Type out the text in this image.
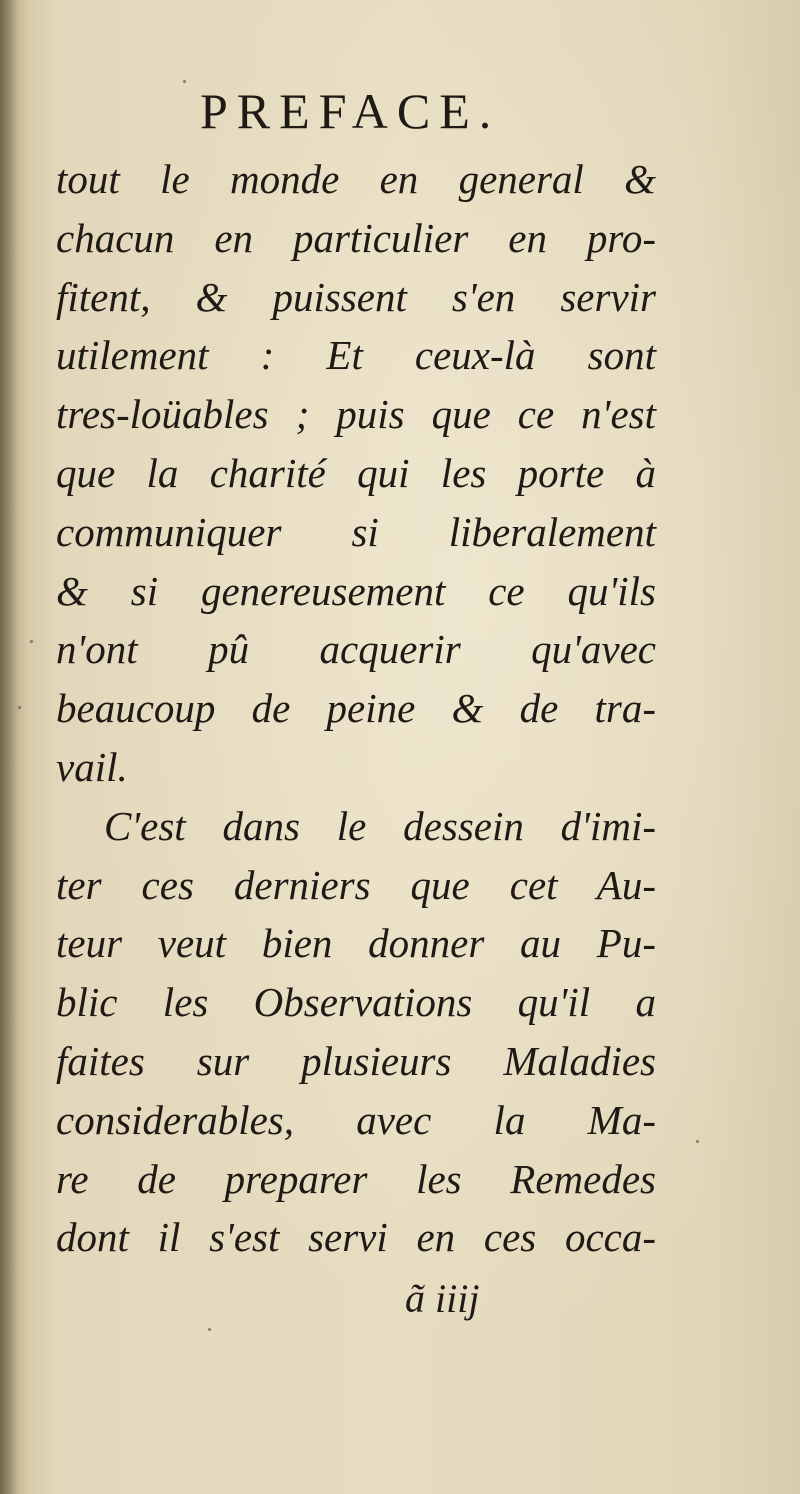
PREFACE.
tout le monde en general &
chacun en particulier en pro-
fitent, & puissent s'en servir
utilement : Et ceux-là sont
tres-loüables ; puis que ce n'est
que la charité qui les porte à
communiquer si liberalement
& si genereusement ce qu'ils
n'ont pû acquerir qu'avec
beaucoup de peine & de tra-
vail.
C'est dans le dessein d'imi-
ter ces derniers que cet Au-
teur veut bien donner au Pu-
blic les Observations qu'il a
faites sur plusieurs Maladies
considerables, avec la Ma-
re de preparer les Remedes
dont il s'est servi en ces occa-
ã iiij
